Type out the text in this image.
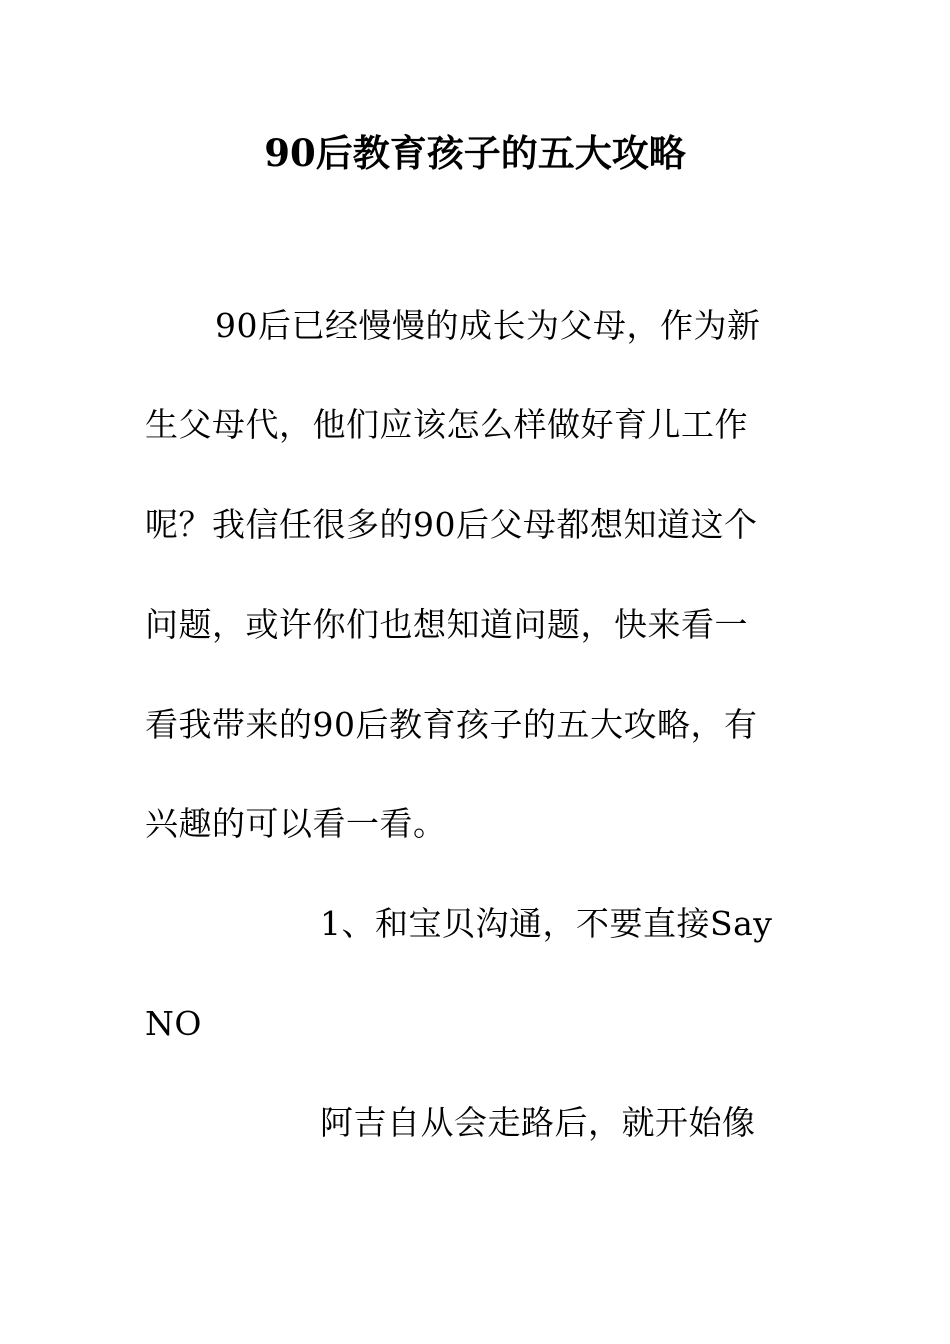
90后教育孩子的五大攻略
90后已经慢慢的成长为父母，作为新
生父母代，他们应该怎么样做好育儿工作
呢？我信任很多的90后父母都想知道这个
问题，或许你们也想知道问题，快来看一
看我带来的90后教育孩子的五大攻略，有
兴趣的可以看一看。
1、和宝贝沟通，不要直接Say
NO
阿吉自从会走路后，就开始像
